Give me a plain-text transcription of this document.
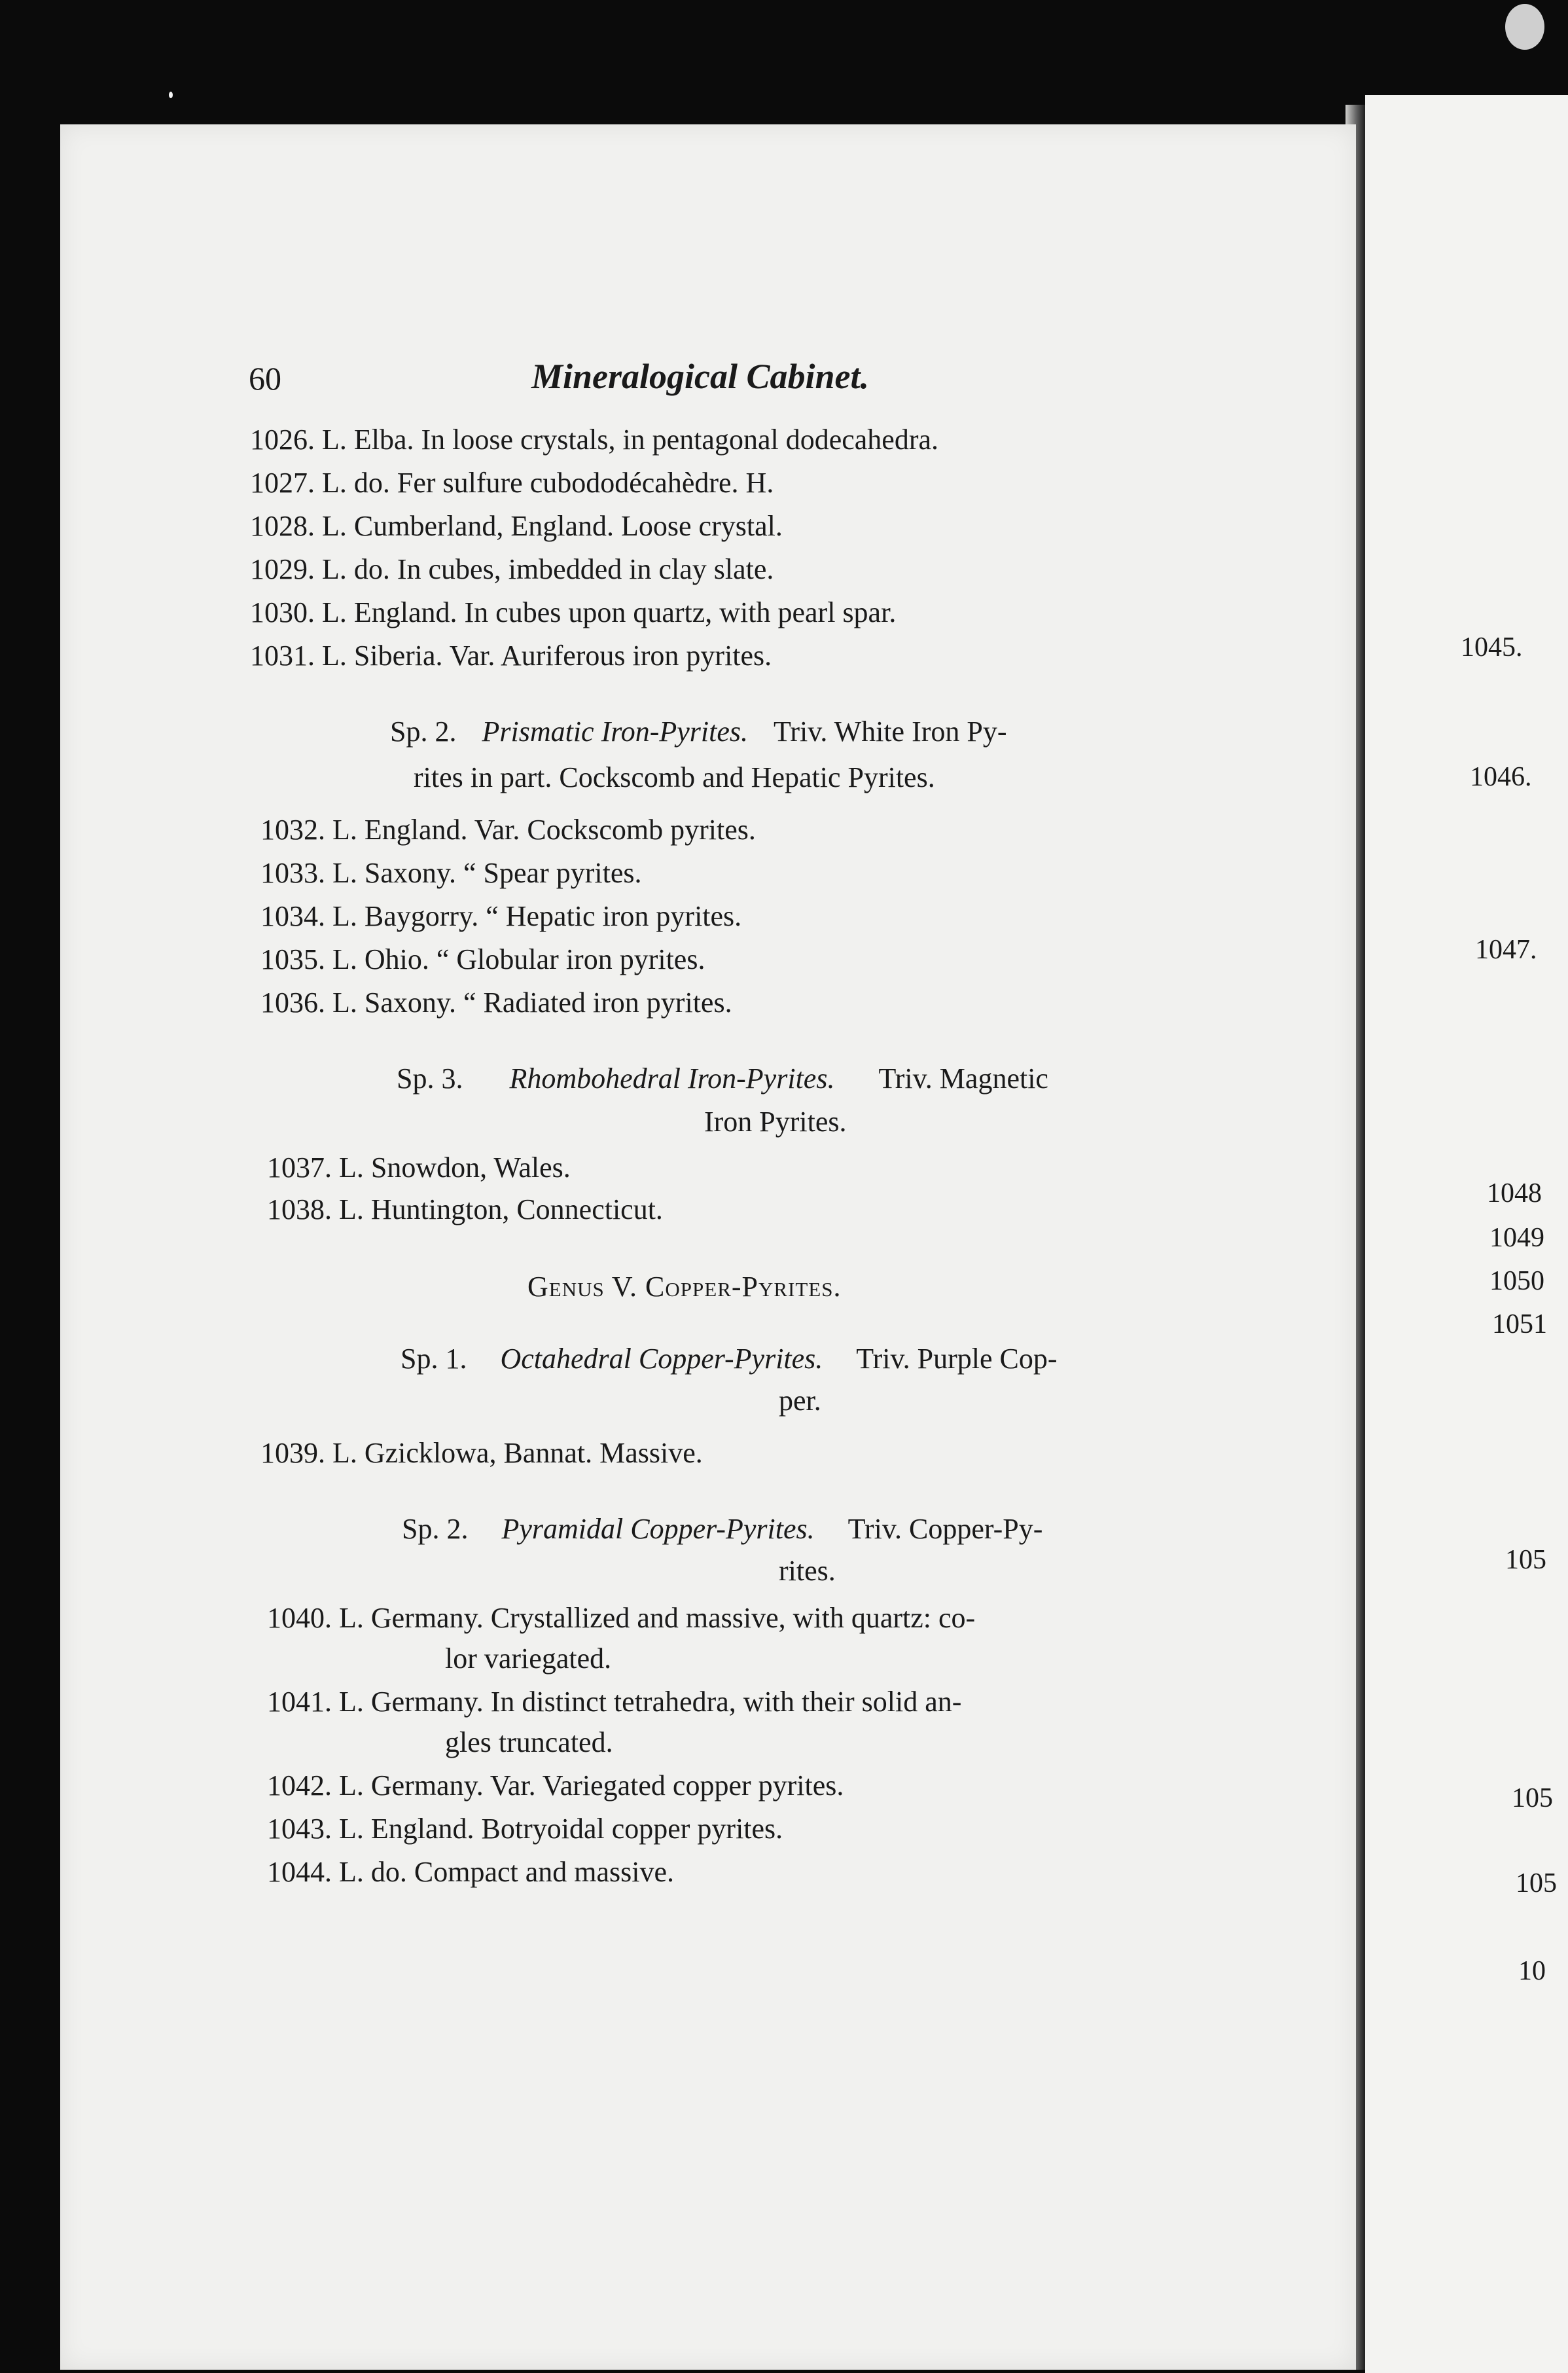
60	Mineralogical Cabinet.
1026. L. Elba. In loose crystals, in pentagonal dodecahedra.
1027. L. do. Fer sulfure cubododécahèdre. H.
1028. L. Cumberland, England. Loose crystal.
1029. L. do. In cubes, imbedded in clay slate.
1030. L. England. In cubes upon quartz, with pearl spar.
1031. L. Siberia. Var. Auriferous iron pyrites.
Sp. 2. Prismatic Iron-Pyrites. Triv. White Iron Py-
rites in part. Cockscomb and Hepatic Pyrites.
1032. L. England. Var. Cockscomb pyrites.
1033. L. Saxony. “ Spear pyrites.
1034. L. Baygorry. “ Hepatic iron pyrites.
1035. L. Ohio. “ Globular iron pyrites.
1036. L. Saxony. “ Radiated iron pyrites.
Sp. 3. Rhombohedral Iron-Pyrites. Triv. Magnetic
Iron Pyrites.
1037. L. Snowdon, Wales.
1038. L. Huntington, Connecticut.
Genus V. Copper-Pyrites.
Sp. 1. Octahedral Copper-Pyrites. Triv. Purple Cop-
per.
1039. L. Gzicklowa, Bannat. Massive.
Sp. 2. Pyramidal Copper-Pyrites. Triv. Copper-Py-
rites.
1040. L. Germany. Crystallized and massive, with quartz: co-
lor variegated.
1041. L. Germany. In distinct tetrahedra, with their solid an-
gles truncated.
1042. L. Germany. Var. Variegated copper pyrites.
1043. L. England. Botryoidal copper pyrites.
1044. L. do. Compact and massive.
1045.
1046.
1047.
1048
1049
1050
1051
105
105
105
10
